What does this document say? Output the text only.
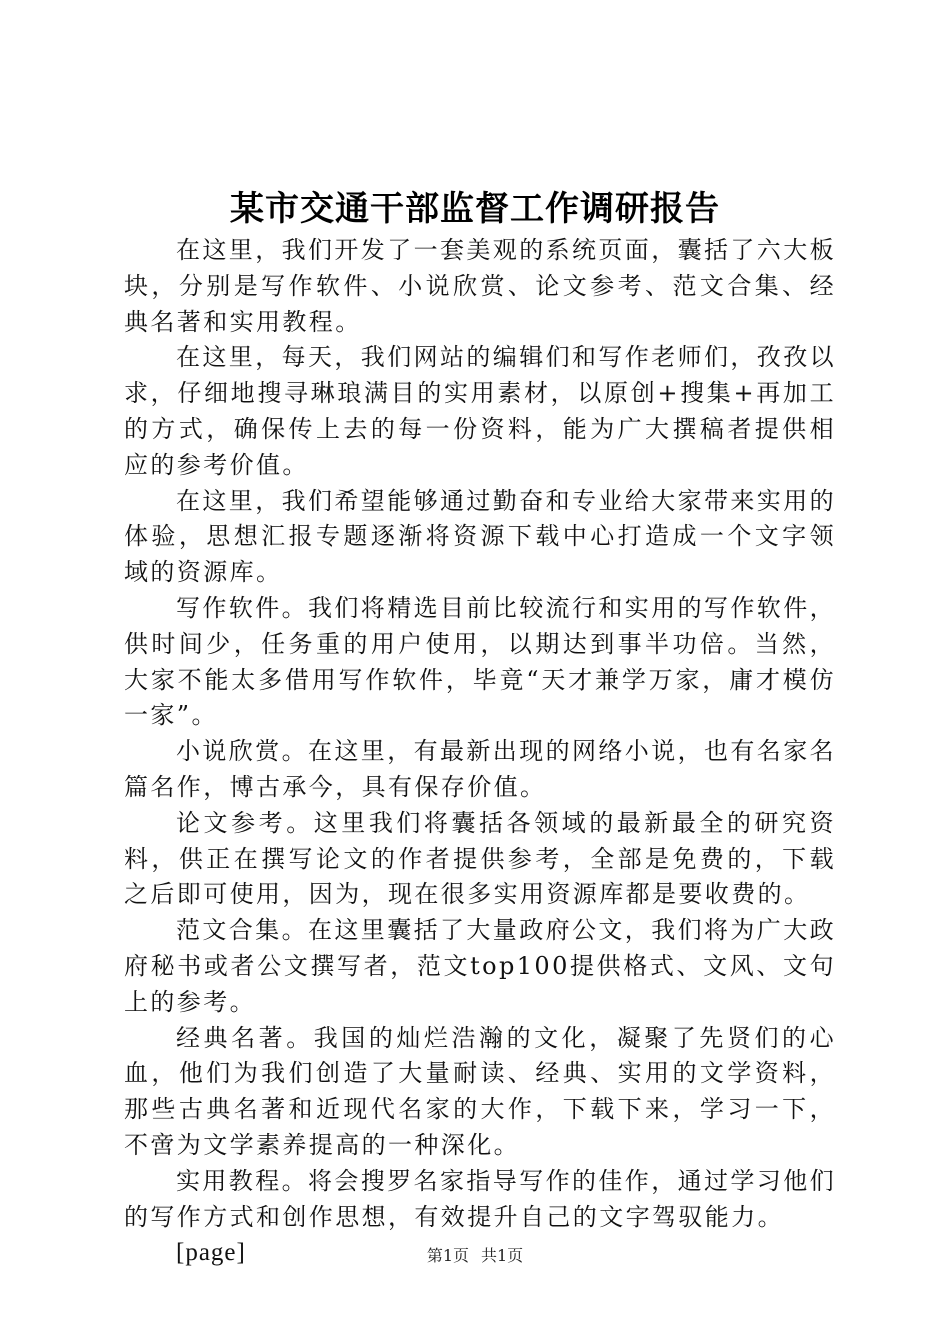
某市交通干部监督工作调研报告

在这里，我们开发了一套美观的系统页面，囊括了六大板块，分别是写作软件、小说欣赏、论文参考、范文合集、经典名著和实用教程。

在这里，每天，我们网站的编辑们和写作老师们，孜孜以求，仔细地搜寻琳琅满目的实用素材，以原创+搜集+再加工的方式，确保传上去的每一份资料，能为广大撰稿者提供相应的参考价值。

在这里，我们希望能够通过勤奋和专业给大家带来实用的体验，思想汇报专题逐渐将资源下载中心打造成一个文字领域的资源库。

写作软件。我们将精选目前比较流行和实用的写作软件，供时间少，任务重的用户使用，以期达到事半功倍。当然，大家不能太多借用写作软件，毕竟“天才兼学万家，庸才模仿一家”。

小说欣赏。在这里，有最新出现的网络小说，也有名家名篇名作，博古承今，具有保存价值。

论文参考。这里我们将囊括各领域的最新最全的研究资料，供正在撰写论文的作者提供参考，全部是免费的，下载之后即可使用，因为，现在很多实用资源库都是要收费的。

范文合集。在这里囊括了大量政府公文，我们将为广大政府秘书或者公文撰写者，范文top100提供格式、文风、文句上的参考。

经典名著。我国的灿烂浩瀚的文化，凝聚了先贤们的心血，他们为我们创造了大量耐读、经典、实用的文学资料，那些古典名著和近现代名家的大作，下载下来，学习一下，不啻为文学素养提高的一种深化。

实用教程。将会搜罗名家指导写作的佳作，通过学习他们的写作方式和创作思想，有效提升自己的文字驾驭能力。

[page]	第1页 共1页
